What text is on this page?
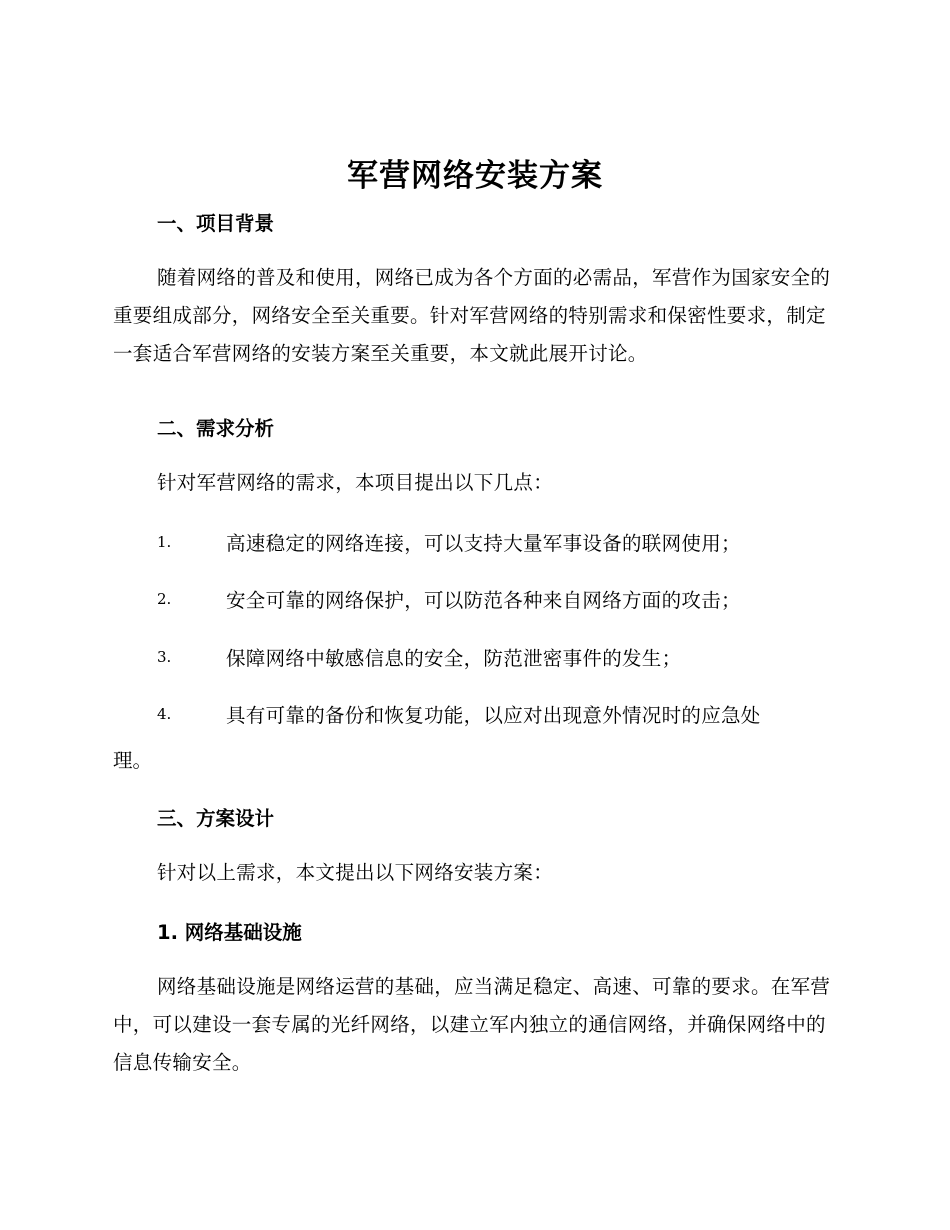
军营网络安装方案
一、项目背景
随着网络的普及和使用，网络已成为各个方面的必需品，军营作为国家安全的重要组成部分，网络安全至关重要。针对军营网络的特别需求和保密性要求，制定一套适合军营网络的安装方案至关重要，本文就此展开讨论。
二、需求分析
针对军营网络的需求，本项目提出以下几点：
1.	高速稳定的网络连接，可以支持大量军事设备的联网使用；
2.	安全可靠的网络保护，可以防范各种来自网络方面的攻击；
3.	保障网络中敏感信息的安全，防范泄密事件的发生；
4.	具有可靠的备份和恢复功能，以应对出现意外情况时的应急处
理。
三、方案设计
针对以上需求，本文提出以下网络安装方案：
1. 网络基础设施
网络基础设施是网络运营的基础，应当满足稳定、高速、可靠的要求。在军营中，可以建设一套专属的光纤网络，以建立军内独立的通信网络，并确保网络中的信息传输安全。
